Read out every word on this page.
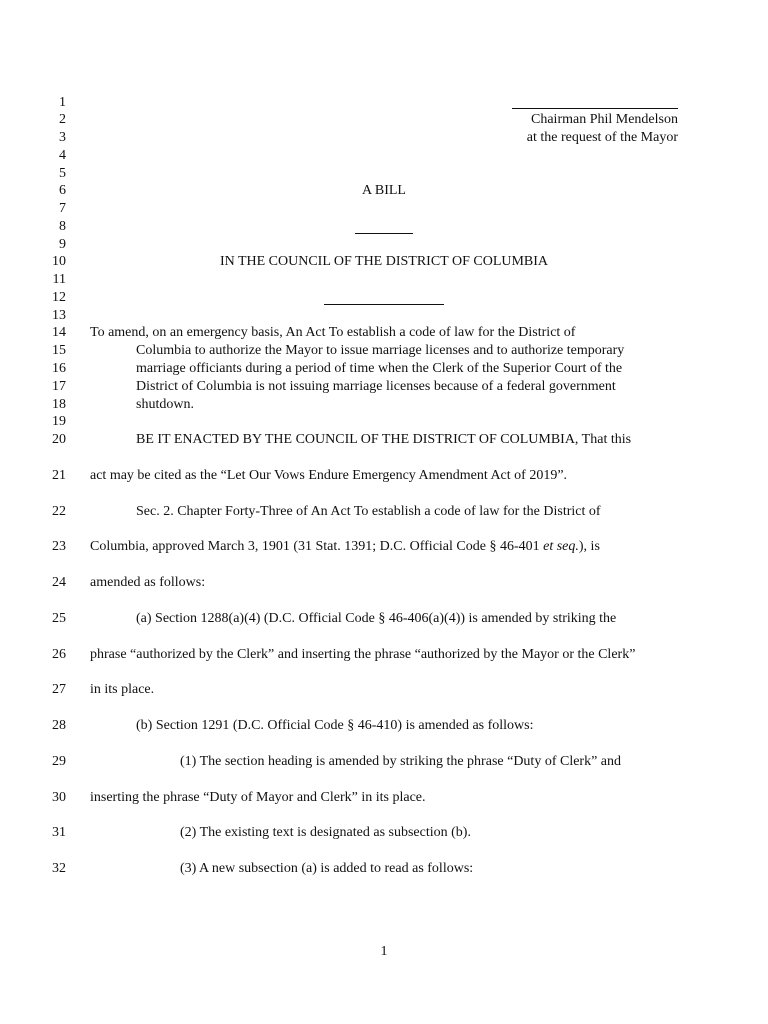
1
2
3
4
5
6
7
8
9
10
11
12
13
14
15
16
17
18
19
20
21
22
23
24
25
26
27
28
29
30
31
32
Chairman Phil Mendelson
at the request of the Mayor
A BILL
IN THE COUNCIL OF THE DISTRICT OF COLUMBIA
To amend, on an emergency basis, An Act To establish a code of law for the District of
Columbia to authorize the Mayor to issue marriage licenses and to authorize temporary
marriage officiants during a period of time when the Clerk of the Superior Court of the
District of Columbia is not issuing marriage licenses because of a federal government
shutdown.
BE IT ENACTED BY THE COUNCIL OF THE DISTRICT OF COLUMBIA, That this
act may be cited as the “Let Our Vows Endure Emergency Amendment Act of 2019”.
Sec. 2. Chapter Forty-Three of An Act To establish a code of law for the District of
Columbia, approved March 3, 1901 (31 Stat. 1391; D.C. Official Code § 46-401 et seq.), is
amended as follows:
(a) Section 1288(a)(4) (D.C. Official Code § 46-406(a)(4)) is amended by striking the
phrase “authorized by the Clerk” and inserting the phrase “authorized by the Mayor or the Clerk”
in its place.
(b) Section 1291 (D.C. Official Code § 46-410) is amended as follows:
(1) The section heading is amended by striking the phrase “Duty of Clerk” and
inserting the phrase “Duty of Mayor and Clerk” in its place.
(2) The existing text is designated as subsection (b).
(3) A new subsection (a) is added to read as follows:
1
